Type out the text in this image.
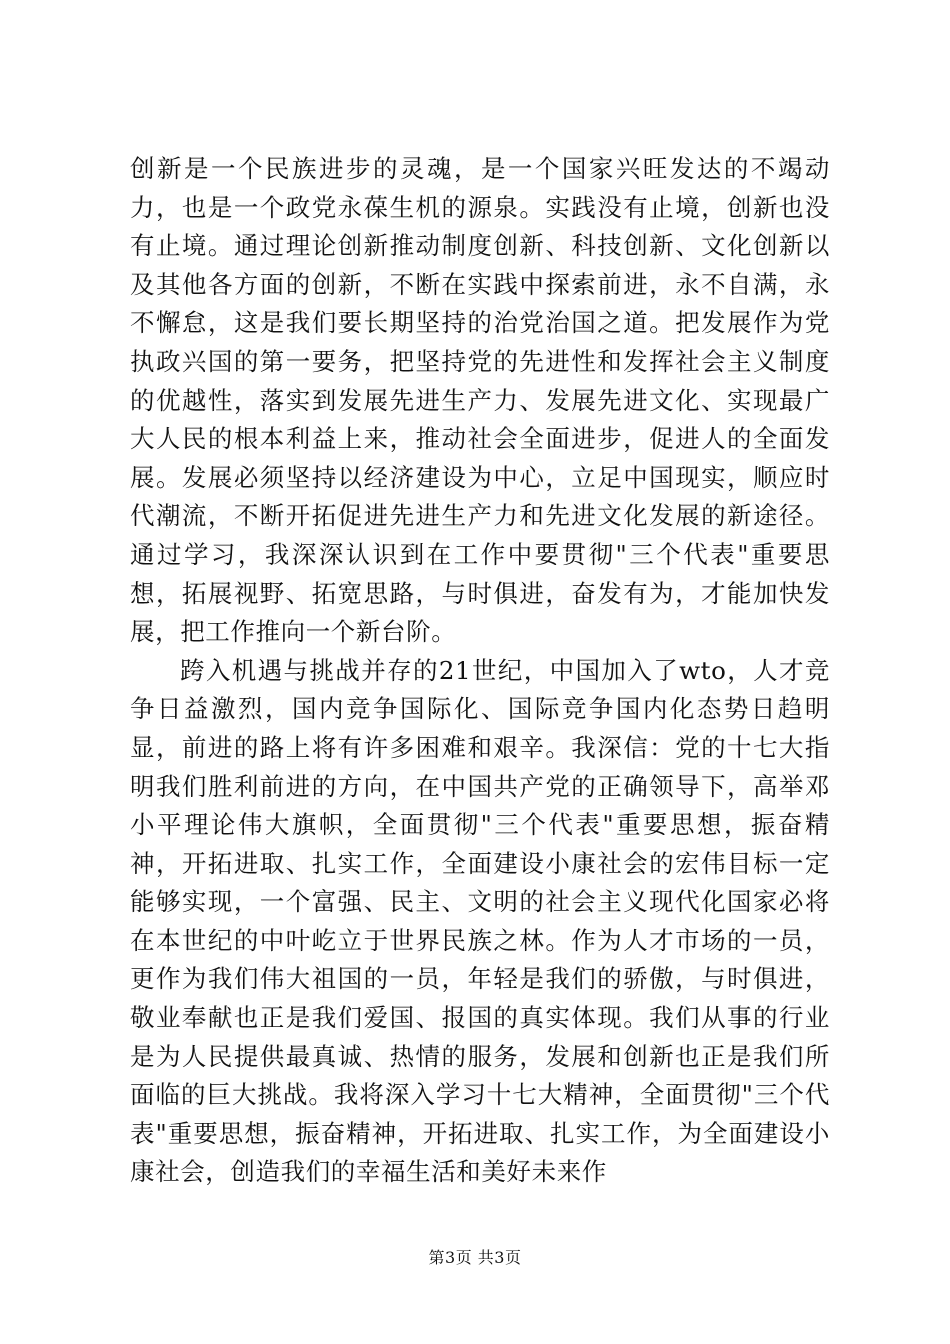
创新是一个民族进步的灵魂，是一个国家兴旺发达的不竭动力，也是一个政党永葆生机的源泉。实践没有止境，创新也没有止境。通过理论创新推动制度创新、科技创新、文化创新以及其他各方面的创新，不断在实践中探索前进，永不自满，永不懈怠，这是我们要长期坚持的治党治国之道。把发展作为党执政兴国的第一要务，把坚持党的先进性和发挥社会主义制度的优越性，落实到发展先进生产力、发展先进文化、实现最广大人民的根本利益上来，推动社会全面进步，促进人的全面发展。发展必须坚持以经济建设为中心，立足中国现实，顺应时代潮流，不断开拓促进先进生产力和先进文化发展的新途径。通过学习，我深深认识到在工作中要贯彻"三个代表"重要思想，拓展视野、拓宽思路，与时俱进，奋发有为，才能加快发展，把工作推向一个新台阶。

跨入机遇与挑战并存的21世纪，中国加入了wto，人才竞争日益激烈，国内竞争国际化、国际竞争国内化态势日趋明显，前进的路上将有许多困难和艰辛。我深信：党的十七大指明我们胜利前进的方向，在中国共产党的正确领导下，高举邓小平理论伟大旗帜，全面贯彻"三个代表"重要思想，振奋精神，开拓进取、扎实工作，全面建设小康社会的宏伟目标一定能够实现，一个富强、民主、文明的社会主义现代化国家必将在本世纪的中叶屹立于世界民族之林。作为人才市场的一员，更作为我们伟大祖国的一员，年轻是我们的骄傲，与时俱进，敬业奉献也正是我们爱国、报国的真实体现。我们从事的行业是为人民提供最真诚、热情的服务，发展和创新也正是我们所面临的巨大挑战。我将深入学习十七大精神，全面贯彻"三个代表"重要思想，振奋精神，开拓进取、扎实工作，为全面建设小康社会，创造我们的幸福生活和美好未来作

第3页 共3页
